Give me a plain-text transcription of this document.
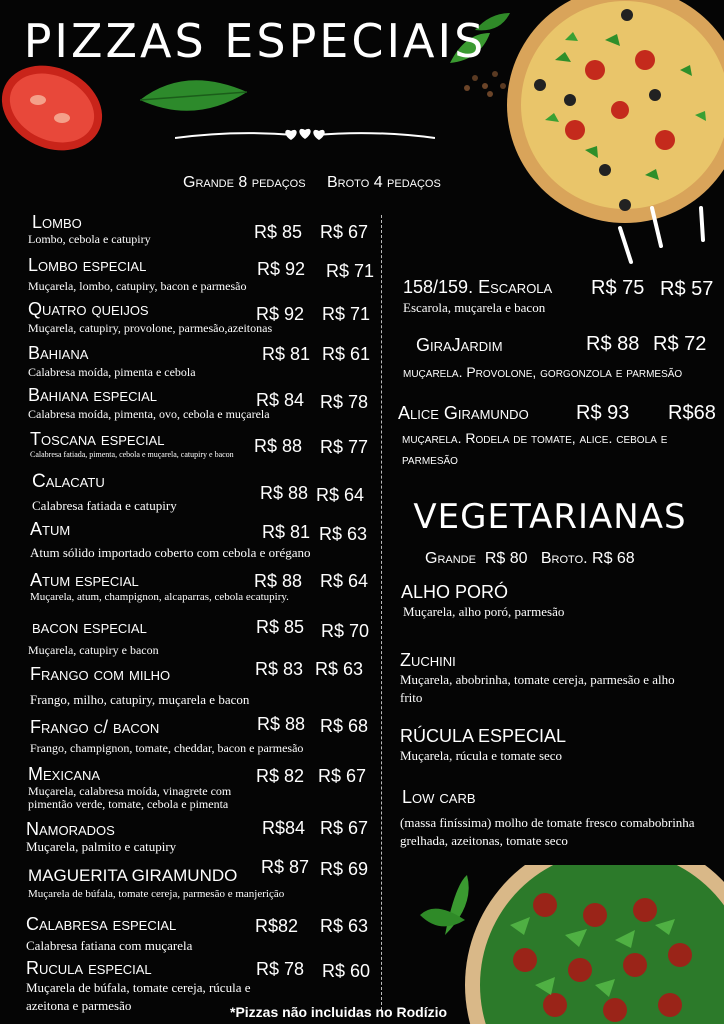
PIZZAS ESPECIAIS
Grande 8 pedaços Broto 4 pedaços
Lombo
Lombo, cebola e catupiry	R$ 85 R$ 67
Lombo especial
Muçarela, lombo, catupiry, bacon e parmesão
R$ 92 R$ 71
Quatro queijos
Muçarela, catupiry, provolone, parmesão,azeitonas
R$ 92 R$ 71
Bahiana
Calabresa moída, pimenta e cebola
R$ 81 R$ 61
Bahiana especial
Calabresa moída, pimenta, ovo, cebola e muçarela
R$ 84 R$ 78
Toscana especial
Calabresa fatiada, pimenta, cebola e muçarela, catupiry e bacon	R$ 88 R$ 77
Calacatu
Calabresa fatiada e catupiry
R$ 88 R$ 64
Atum
Atum sólido importado coberto com cebola e orégano
R$ 81 R$ 63
Atum especial
Muçarela, atum, champignon, alcaparras, cebola ecatupiry.
R$ 88 R$ 64
bacon especial
Muçarela, catupiry e bacon
R$ 85 R$ 70
Frango com milho
Frango, milho, catupiry, muçarela e bacon
R$ 83 R$ 63
Frango c/ bacon
Frango, champignon, tomate, cheddar, bacon e parmesão
R$ 88 R$ 68
Mexicana
Muçarela, calabresa moída, vinagrete com pimentão verde, tomate, cebola e pimenta
R$ 82 R$ 67
Namorados
Muçarela, palmito e catupiry
R$84 R$ 67
MAGUERITA GIRAMUNDO
Muçarela de búfala, tomate cereja, parmesão e manjerição
R$ 87 R$ 69
Calabresa especial
Calabresa fatiana com muçarela
R$82 R$ 63
Rucula especial
Muçarela de búfala, tomate cereja, rúcula e azeitona e parmesão
R$ 78 R$ 60
158/159. Escarola
Escarola, muçarela e bacon
R$ 75 R$ 57
GiraJardim
muçarela. Provolone, gorgonzola e parmesão
R$ 88 R$ 72
Alice Giramundo
muçarela. Rodela de tomate, alice. cebola e parmesão
R$ 93 R$68
VEGETARIANAS
Grande  R$ 80   Broto. R$ 68
ALHO PORÓ
Muçarela, alho poró, parmesão
Zuchini
Muçarela, abobrinha, tomate cereja, parmesão e alho frito
RÚCULA ESPECIAL
Muçarela, rúcula e tomate seco
Low carb
(massa finíssima) molho de tomate fresco comabobrinha grelhada, azeitonas, tomate seco
*Pizzas não incluidas no Rodízio
